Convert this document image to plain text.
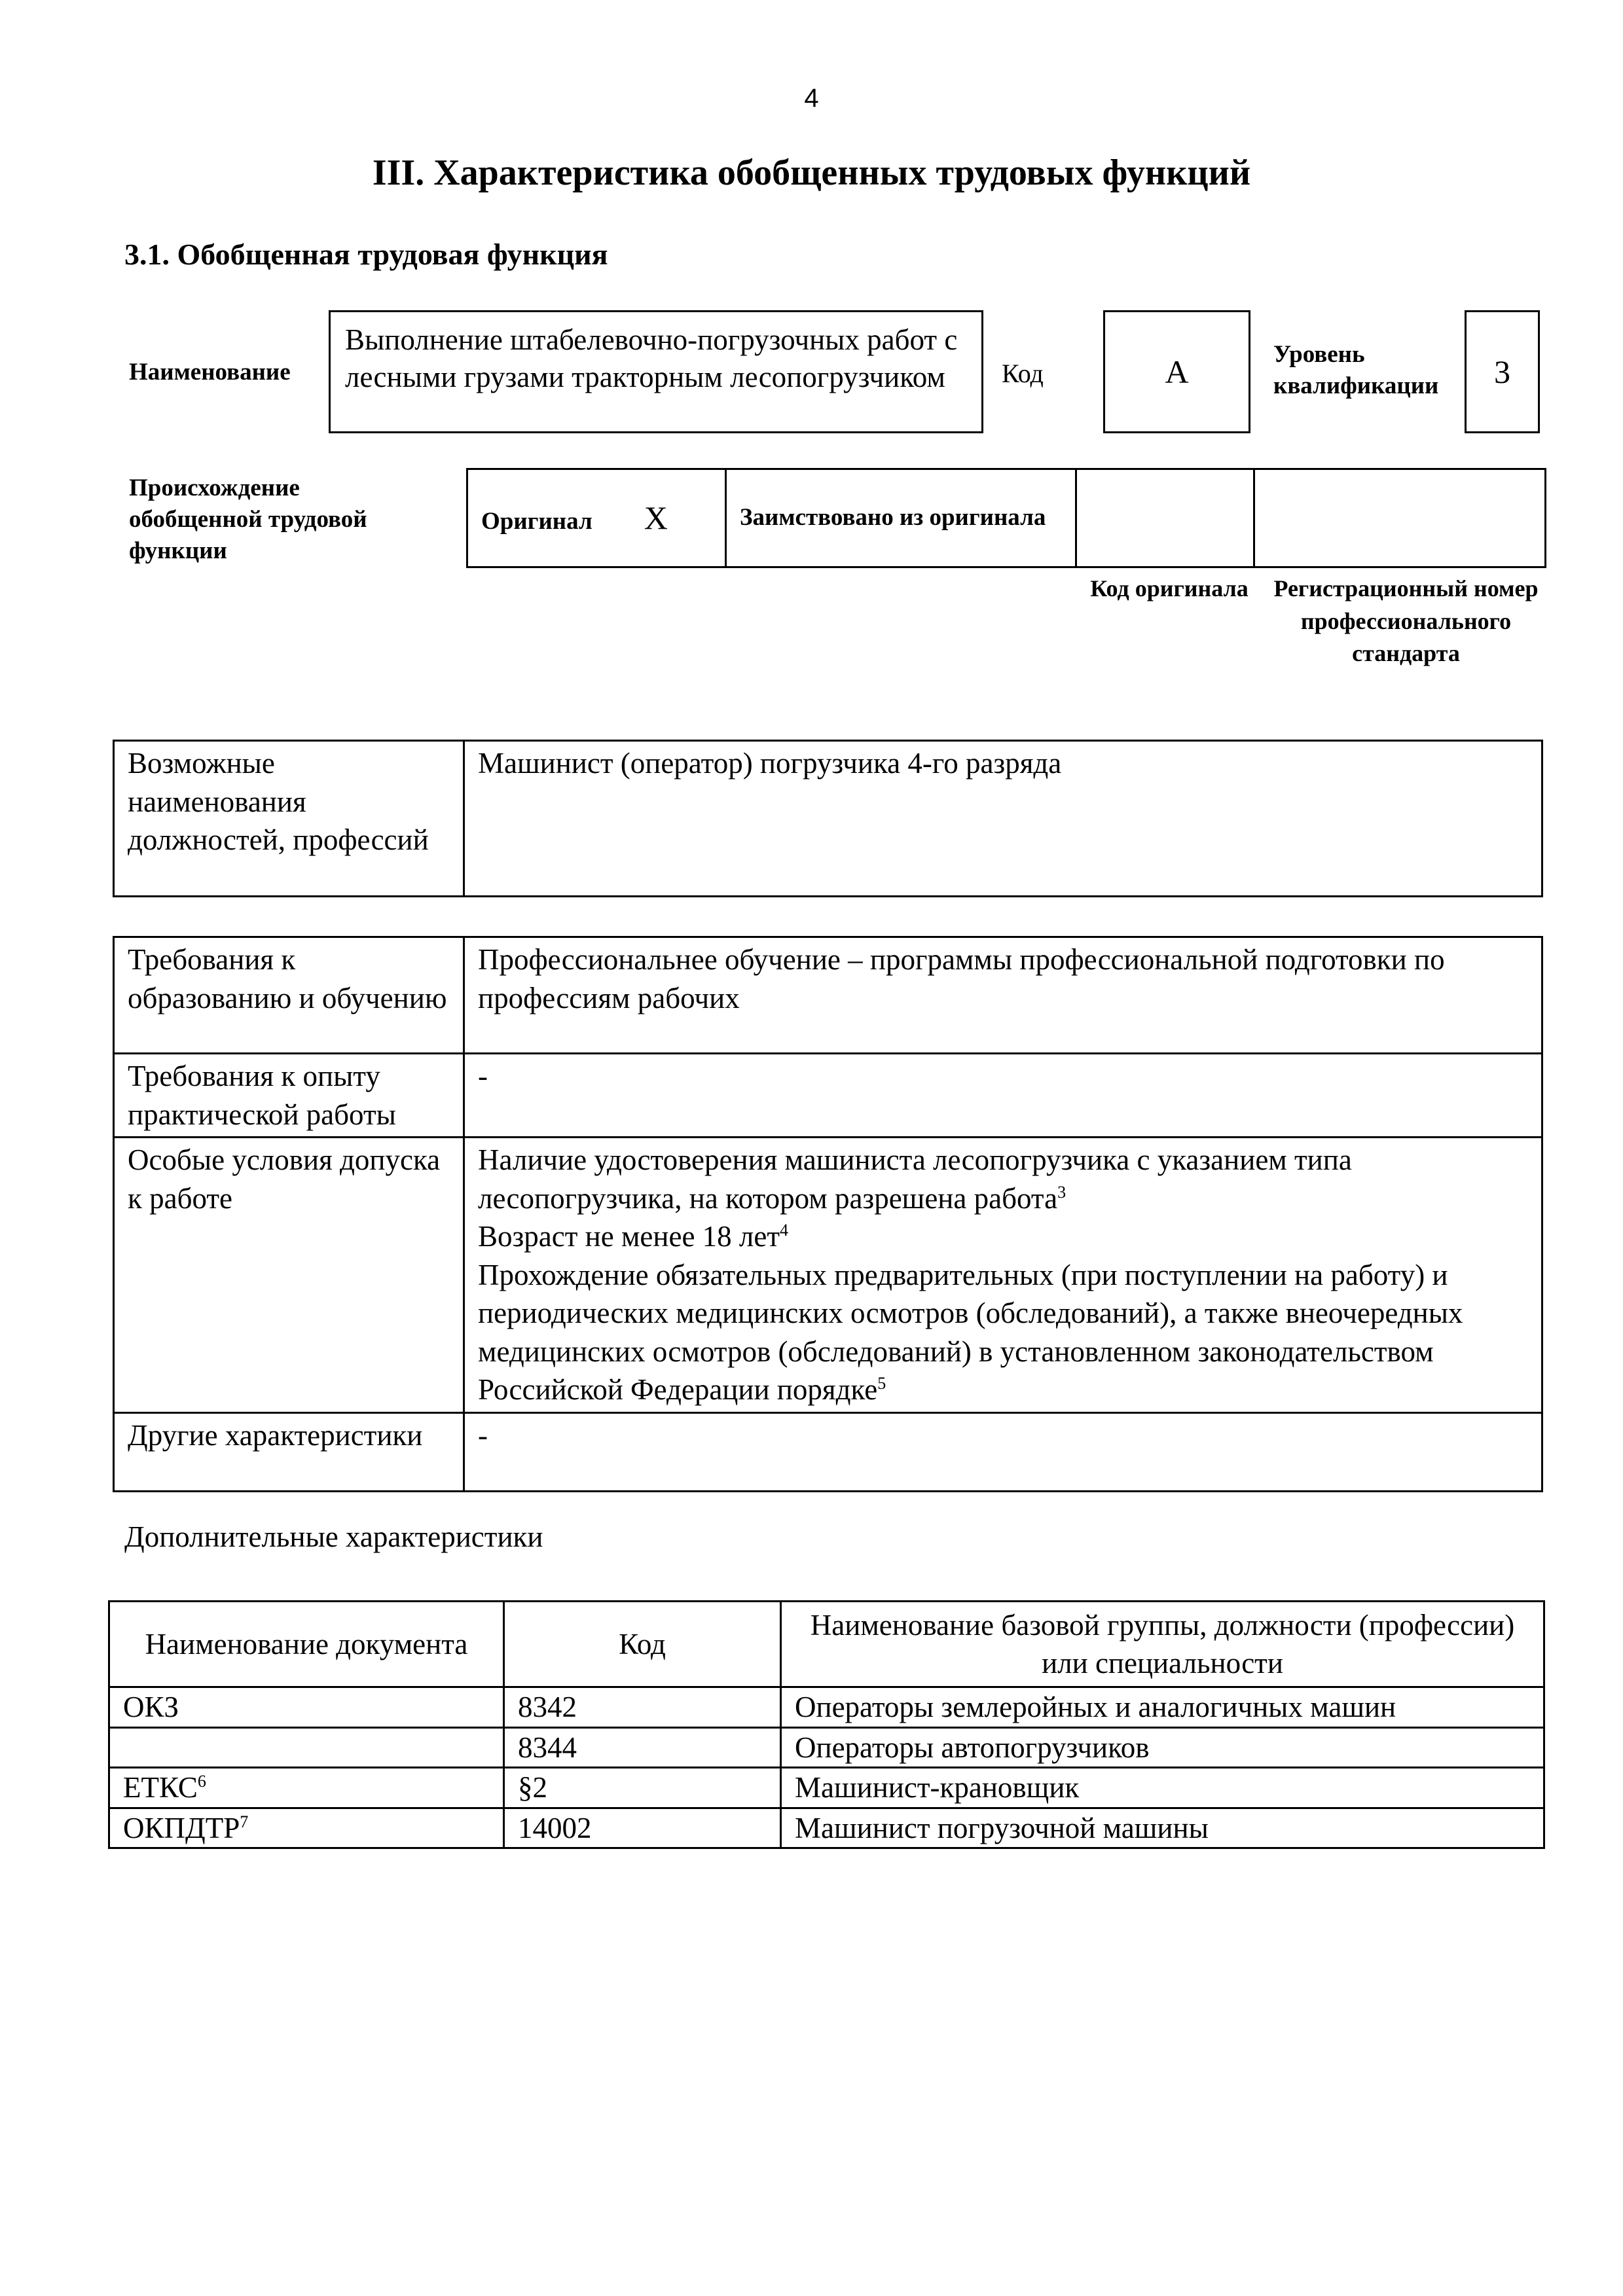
4
III. Характеристика обобщенных трудовых функций
3.1. Обобщенная трудовая функция
Наименование
Выполнение штабелевочно-погрузочных работ с лесными грузами тракторным лесопогрузчиком	Код	А	Уровень квалификации	3
Происхождение обобщенной трудовой функции
Оригинал Х	Заимствовано из оригинала		
Код оригинала	Регистрационный номер профессионального стандарта
Возможные наименования должностей, профессий	Машинист (оператор) погрузчика 4-го разряда
Требования к образованию и обучению	Профессиональнее обучение – программы профессиональной подготовки по профессиям рабочих

Требования к опыту практической работы	-

Особые условия допуска к работе	Наличие удостоверения машиниста лесопогрузчика с указанием типа лесопогрузчика, на котором разрешена работа$^3$
Возраст не менее 18 лет$^4$
Прохождение обязательных предварительных (при поступлении на работу) и периодических медицинских осмотров (обследований), а также внеочередных медицинских осмотров (обследований) в установленном законодательством Российской Федерации порядке$^5$

Другие характеристики	-
Дополнительные характеристики
Наименование документа	Код	Наименование базовой группы, должности (профессии) или специальности
ОКЗ	8342	Операторы землеройных и аналогичных машин
	8344	Операторы автопогрузчиков
ЕТКС$^6$	§2	Машинист-крановщик
ОКПДТР$^7$	14002	Машинист погрузочной машины
